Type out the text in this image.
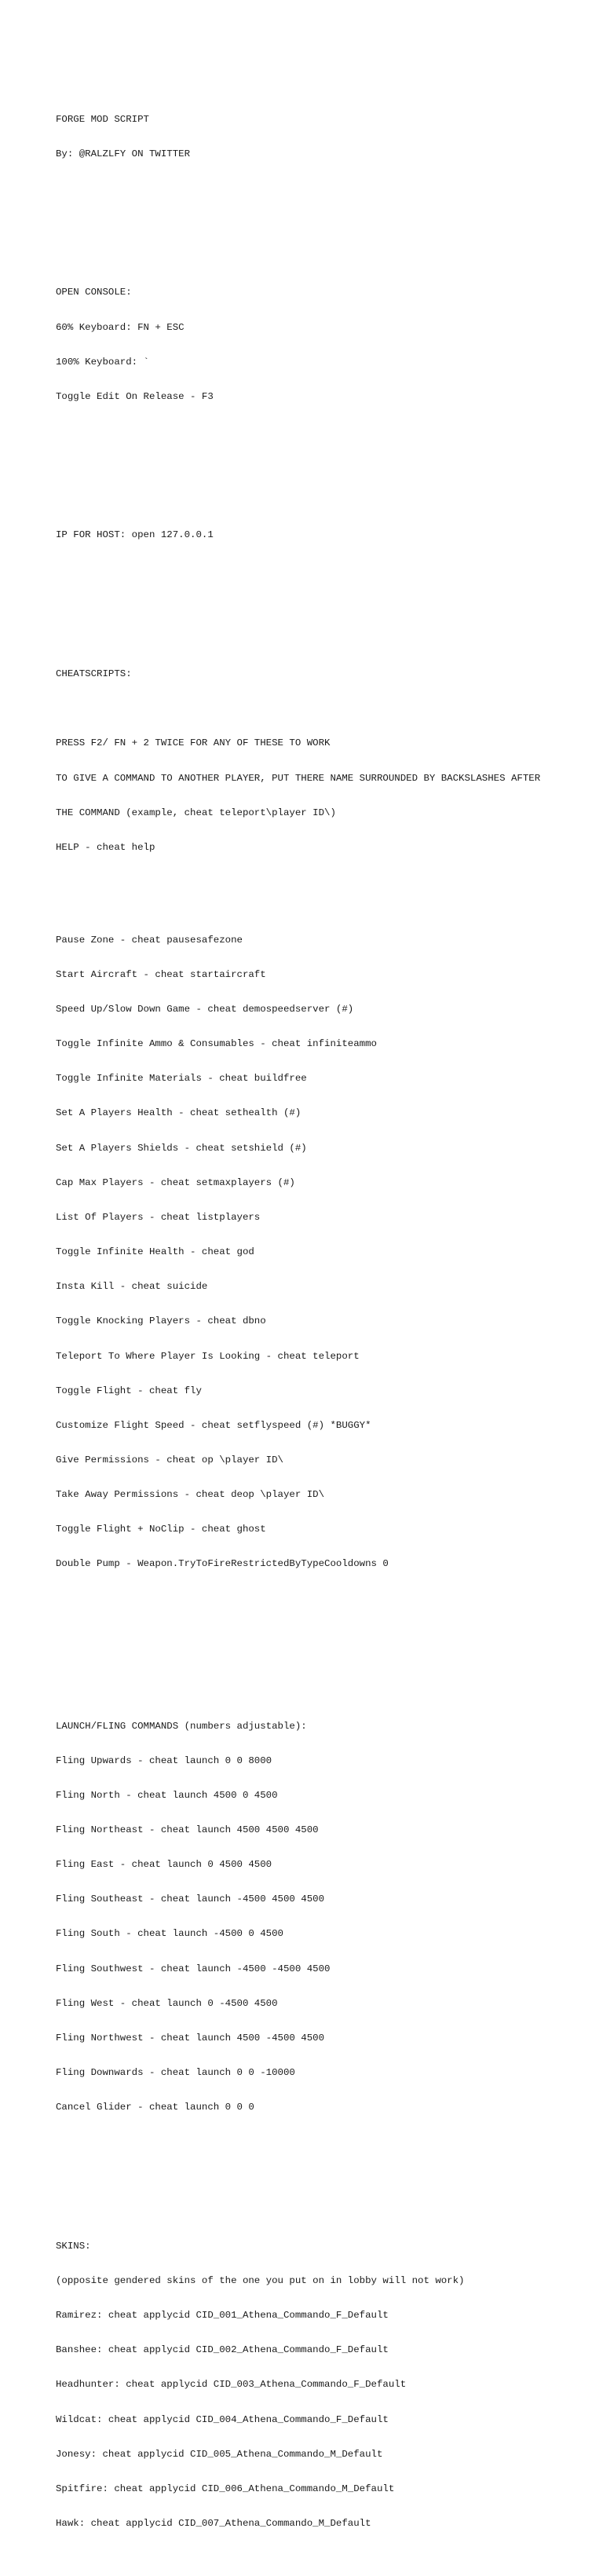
FORGE MOD SCRIPT

By: @RALZLFY ON TWITTER

OPEN CONSOLE:

60% Keyboard: FN + ESC

100% Keyboard: `

Toggle Edit On Release - F3

IP FOR HOST: open 127.0.0.1

CHEATSCRIPTS:

PRESS F2/ FN + 2 TWICE FOR ANY OF THESE TO WORK

TO GIVE A COMMAND TO ANOTHER PLAYER, PUT THERE NAME SURROUNDED BY BACKSLASHES AFTER

THE COMMAND (example, cheat teleport\player ID\)

HELP - cheat help

Pause Zone - cheat pausesafezone

Start Aircraft - cheat startaircraft

Speed Up/Slow Down Game - cheat demospeedserver (#)

Toggle Infinite Ammo & Consumables - cheat infiniteammo

Toggle Infinite Materials - cheat buildfree

Set A Players Health - cheat sethealth (#)

Set A Players Shields - cheat setshield (#)

Cap Max Players - cheat setmaxplayers (#)

List Of Players - cheat listplayers

Toggle Infinite Health - cheat god

Insta Kill - cheat suicide

Toggle Knocking Players - cheat dbno

Teleport To Where Player Is Looking - cheat teleport

Toggle Flight - cheat fly

Customize Flight Speed - cheat setflyspeed (#) *BUGGY*

Give Permissions - cheat op \player ID\

Take Away Permissions - cheat deop \player ID\

Toggle Flight + NoClip - cheat ghost

Double Pump - Weapon.TryToFireRestrictedByTypeCooldowns 0

LAUNCH/FLING COMMANDS (numbers adjustable):

Fling Upwards - cheat launch 0 0 8000

Fling North - cheat launch 4500 0 4500

Fling Northeast - cheat launch 4500 4500 4500

Fling East - cheat launch 0 4500 4500

Fling Southeast - cheat launch -4500 4500 4500

Fling South - cheat launch -4500 0 4500

Fling Southwest - cheat launch -4500 -4500 4500

Fling West - cheat launch 0 -4500 4500

Fling Northwest - cheat launch 4500 -4500 4500

Fling Downwards - cheat launch 0 0 -10000

Cancel Glider - cheat launch 0 0 0

SKINS:

(opposite gendered skins of the one you put on in lobby will not work)

Ramirez: cheat applycid CID_001_Athena_Commando_F_Default

Banshee: cheat applycid CID_002_Athena_Commando_F_Default

Headhunter: cheat applycid CID_003_Athena_Commando_F_Default

Wildcat: cheat applycid CID_004_Athena_Commando_F_Default

Jonesy: cheat applycid CID_005_Athena_Commando_M_Default

Spitfire: cheat applycid CID_006_Athena_Commando_M_Default

Hawk: cheat applycid CID_007_Athena_Commando_M_Default
